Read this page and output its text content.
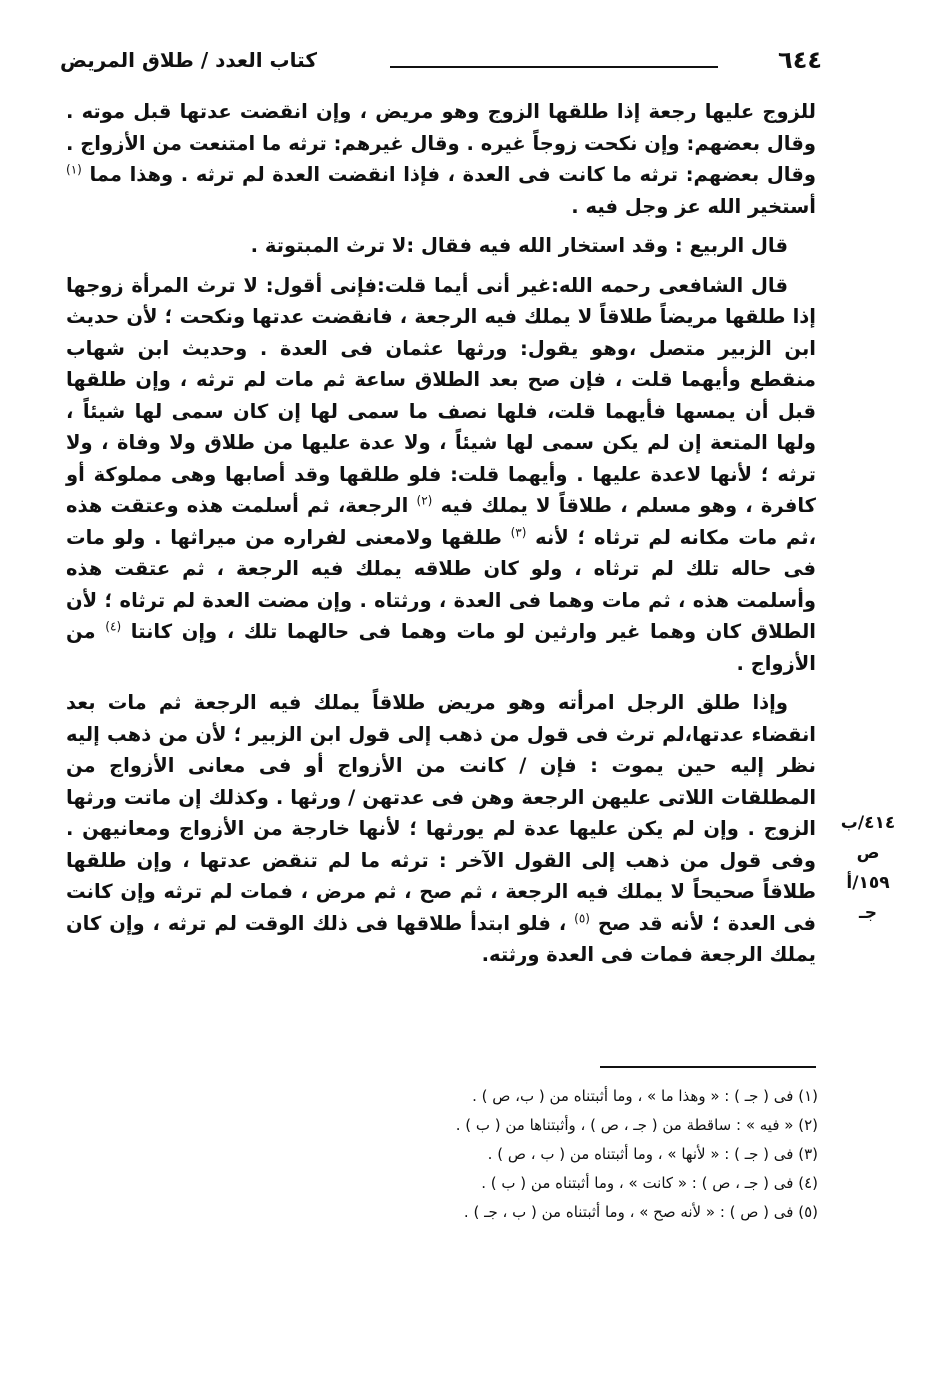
٦٤٤
كتاب العدد / طلاق المريض

للزوج عليها رجعة إذا طلقها الزوج وهو مريض ، وإن انقضت عدتها قبل موته . وقال بعضهم: وإن نكحت زوجاً غيره . وقال غيرهم: ترثه ما امتنعت من الأزواج . وقال بعضهم: ترثه ما كانت فى العدة ، فإذا انقضت العدة لم ترثه . وهذا مما $^{(١)}$ أستخير الله عز وجل فيه .

قال الربيع : وقد استخار الله فيه فقال :لا ترث المبتوتة .

قال الشافعى رحمه الله:غير أنى أيما قلت:فإنى أقول: لا ترث المرأة زوجها إذا طلقها مريضاً طلاقاً لا يملك فيه الرجعة ، فانقضت عدتها ونكحت ؛ لأن حديث ابن الزبير متصل ،وهو يقول: ورثها عثمان فى العدة . وحديث ابن شهاب منقطع وأيهما قلت ، فإن صح بعد الطلاق ساعة ثم مات لم ترثه ، وإن طلقها قبل أن يمسها فأيهما قلت، فلها نصف ما سمى لها إن كان سمى لها شيئاً ، ولها المتعة إن لم يكن سمى لها شيئاً ، ولا عدة عليها من طلاق ولا وفاة ، ولا ترثه ؛ لأنها لاعدة عليها . وأيهما قلت: فلو طلقها وقد أصابها وهى مملوكة أو كافرة ، وهو مسلم ، طلاقاً لا يملك فيه $^{(٢)}$ الرجعة، ثم أسلمت هذه وعتقت هذه ،ثم مات مكانه لم ترثاه ؛ لأنه $^{(٣)}$ طلقها ولامعنى لفراره من ميراثها . ولو مات فى حاله تلك لم ترثاه ، ولو كان طلاقه يملك فيه الرجعة ، ثم عتقت هذه وأسلمت هذه ، ثم مات وهما فى العدة ، ورثتاه . وإن مضت العدة لم ترثاه ؛ لأن الطلاق كان وهما غير وارثين لو مات وهما فى حالهما تلك ، وإن كانتا $^{(٤)}$ من الأزواج .

وإذا طلق الرجل امرأته وهو مريض طلاقاً يملك فيه الرجعة ثم مات بعد انقضاء عدتها،لم ترث فى قول من ذهب إلى قول ابن الزبير ؛ لأن من ذهب إليه نظر إليه حين يموت : فإن / كانت من الأزواج أو فى معانى الأزواج من المطلقات اللاتى عليهن الرجعة وهن فى عدتهن / ورثها . وكذلك إن ماتت ورثها الزوج . وإن لم يكن عليها عدة لم يورثها ؛ لأنها خارجة من الأزواج ومعانيهن . وفى قول من ذهب إلى القول الآخر : ترثه ما لم تنقض عدتها ، وإن طلقها طلاقاً صحيحاً لا يملك فيه الرجعة ، ثم صح ، ثم مرض ، فمات لم ترثه وإن كانت فى العدة ؛ لأنه قد صح $^{(٥)}$ ، فلو ابتدأ طلاقها فى ذلك الوقت لم ترثه ، وإن كان يملك الرجعة فمات فى العدة ورثته.

٤١٤/ب
ص
١٥٩/أ
جـ
(١) فى ( جـ ) : « وهذا ما » ، وما أثبتناه من ( ب، ص ) .
(٢) « فيه » : ساقطة من ( جـ ، ص ) ، وأثبتناها من ( ب ) .
(٣) فى ( جـ ) : « لأنها » ، وما أثبتناه من ( ب ، ص ) .
(٤) فى ( جـ ، ص ) : « كانت » ، وما أثبتناه من ( ب ) .
(٥) فى ( ص ) : « لأنه صح » ، وما أثبتناه من ( ب ، جـ ) .
